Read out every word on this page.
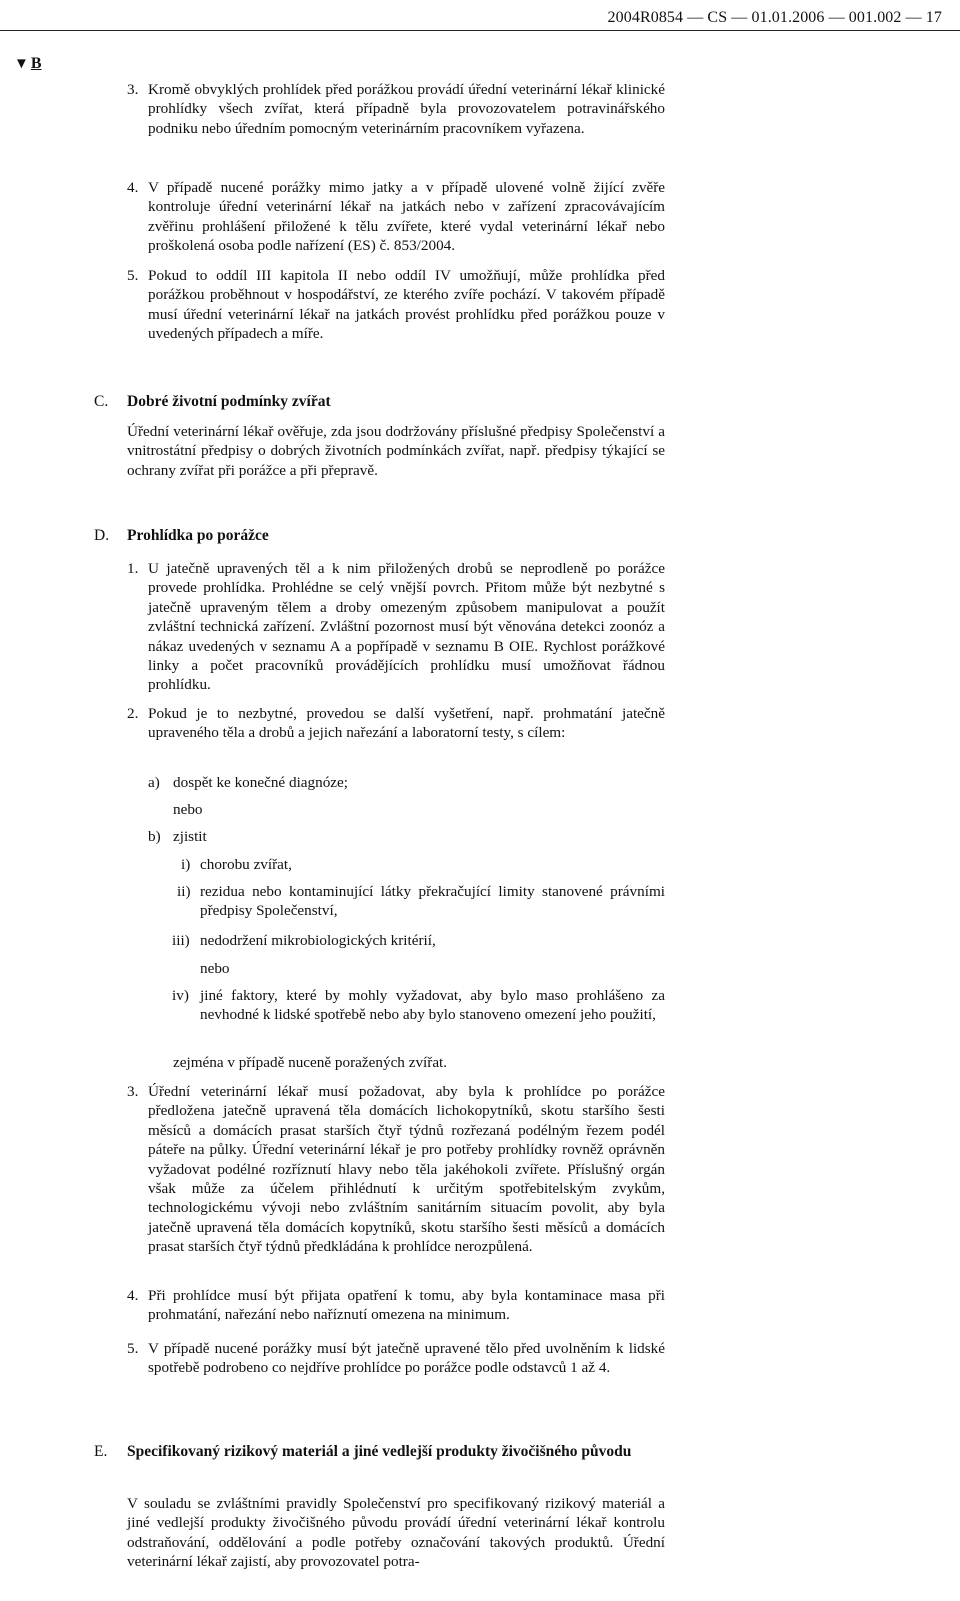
2004R0854 — CS — 01.01.2006 — 001.002 — 17
▼ B
3. Kromě obvyklých prohlídek před porážkou provádí úřední veterinární lékař klinické prohlídky všech zvířat, která případně byla provozovatelem potravinářského podniku nebo úředním pomocným veterinárním pracovníkem vyřazena.
4. V případě nucené porážky mimo jatky a v případě ulovené volně žijící zvěře kontroluje úřední veterinární lékař na jatkách nebo v zařízení zpracovávajícím zvěřinu prohlášení přiložené k tělu zvířete, které vydal veterinární lékař nebo proškolená osoba podle nařízení (ES) č. 853/2004.
5. Pokud to oddíl III kapitola II nebo oddíl IV umožňují, může prohlídka před porážkou proběhnout v hospodářství, ze kterého zvíře pochází. V takovém případě musí úřední veterinární lékař na jatkách provést prohlídku před porážkou pouze v uvedených případech a míře.
C. Dobré životní podmínky zvířat
Úřední veterinární lékař ověřuje, zda jsou dodržovány příslušné předpisy Společenství a vnitrostátní předpisy o dobrých životních podmínkách zvířat, např. předpisy týkající se ochrany zvířat při porážce a při přepravě.
D. Prohlídka po porážce
1. U jatečně upravených těl a k nim přiložených drobů se neprodleně po porážce provede prohlídka. Prohlédne se celý vnější povrch. Přitom může být nezbytné s jatečně upraveným tělem a droby omezeným způsobem manipulovat a použít zvláštní technická zařízení. Zvláštní pozornost musí být věnována detekci zoonóz a nákaz uvedených v seznamu A a popřípadě v seznamu B OIE. Rychlost porážkové linky a počet pracovníků provádějících prohlídku musí umožňovat řádnou prohlídku.
2. Pokud je to nezbytné, provedou se další vyšetření, např. prohmatání jatečně upraveného těla a drobů a jejich nařezání a laboratorní testy, s cílem:
a) dospět ke konečné diagnóze;
nebo
b) zjistit
i) chorobu zvířat,
ii) rezidua nebo kontaminující látky překračující limity stanovené právními předpisy Společenství,
iii) nedodržení mikrobiologických kritérií,
nebo
iv) jiné faktory, které by mohly vyžadovat, aby bylo maso prohlášeno za nevhodné k lidské spotřebě nebo aby bylo stanoveno omezení jeho použití,
zejména v případě nuceně poražených zvířat.
3. Úřední veterinární lékař musí požadovat, aby byla k prohlídce po porážce předložena jatečně upravená těla domácích lichokopytníků, skotu staršího šesti měsíců a domácích prasat starších čtyř týdnů rozřezaná podélným řezem podél páteře na půlky. Úřední veterinární lékař je pro potřeby prohlídky rovněž oprávněn vyžadovat podélné rozříznutí hlavy nebo těla jakéhokoli zvířete. Příslušný orgán však může za účelem přihlédnutí k určitým spotřebitelským zvykům, technologickému vývoji nebo zvláštním sanitárním situacím povolit, aby byla jatečně upravená těla domácích kopytníků, skotu staršího šesti měsíců a domácích prasat starších čtyř týdnů předkládána k prohlídce nerozpůlená.
4. Při prohlídce musí být přijata opatření k tomu, aby byla kontaminace masa při prohmatání, nařezání nebo naříznutí omezena na minimum.
5. V případě nucené porážky musí být jatečně upravené tělo před uvolněním k lidské spotřebě podrobeno co nejdříve prohlídce po porážce podle odstavců 1 až 4.
E. Specifikovaný rizikový materiál a jiné vedlejší produkty živočišného původu
V souladu se zvláštními pravidly Společenství pro specifikovaný rizikový materiál a jiné vedlejší produkty živočišného původu provádí úřední veterinární lékař kontrolu odstraňování, oddělování a podle potřeby označování takových produktů. Úřední veterinární lékař zajistí, aby provozovatel potra-
